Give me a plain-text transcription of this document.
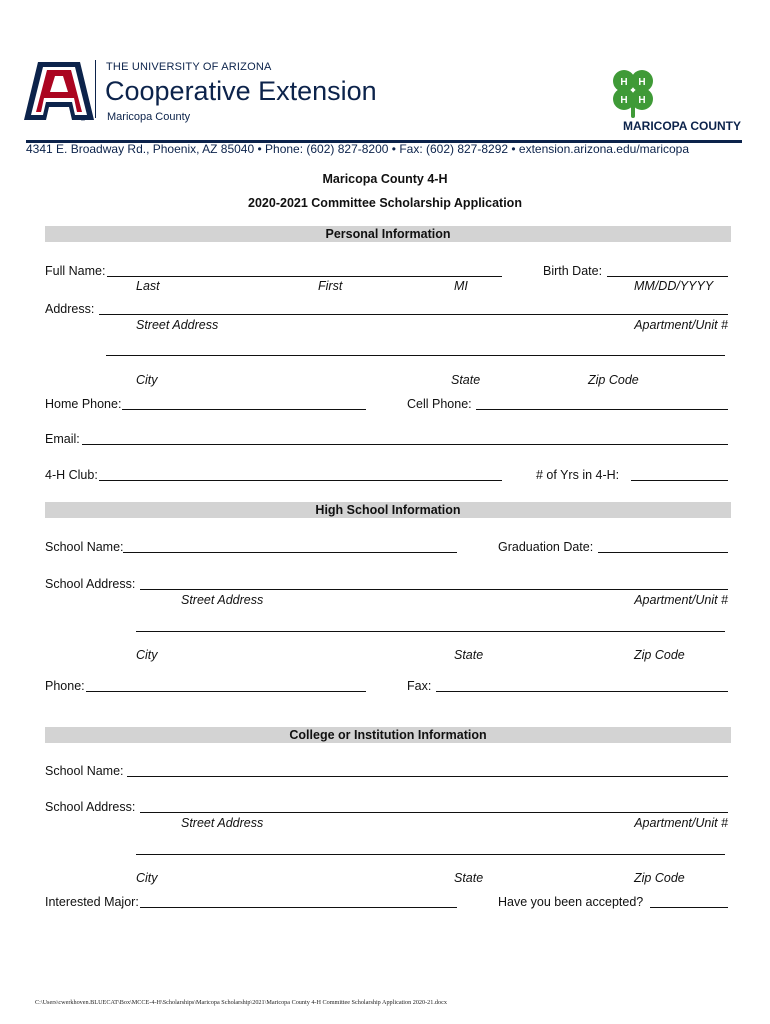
®
THE UNIVERSITY OF ARIZONA
Cooperative Extension
Maricopa County
H H
H H
MARICOPA COUNTY
4341 E. Broadway Rd., Phoenix, AZ 85040 • Phone: (602) 827-8200 • Fax: (602) 827-8292 • extension.arizona.edu/maricopa
Maricopa County 4-H
2020-2021 Committee Scholarship Application
Personal Information
Full Name:
Last	First	MI
Birth Date:
MM/DD/YYYY
Address:
Street Address	Apartment/Unit #
City	State	Zip Code
Home Phone:	Cell Phone:
Email:
4-H Club:	# of Yrs in 4-H:
High School Information
School Name:	Graduation Date:
School Address:
Street Address	Apartment/Unit #
City	State	Zip Code
Phone:	Fax:
College or Institution Information
School Name:
School Address:
Street Address	Apartment/Unit #
City	State	Zip Code
Interested Major:	Have you been accepted?
C:\Users\cwerkhoven.BLUECAT\Box\MCCE-4-H\Scholarships\Maricopa Scholarship\2021\Maricopa County 4-H Committee Scholarship Application 2020-21.docx
